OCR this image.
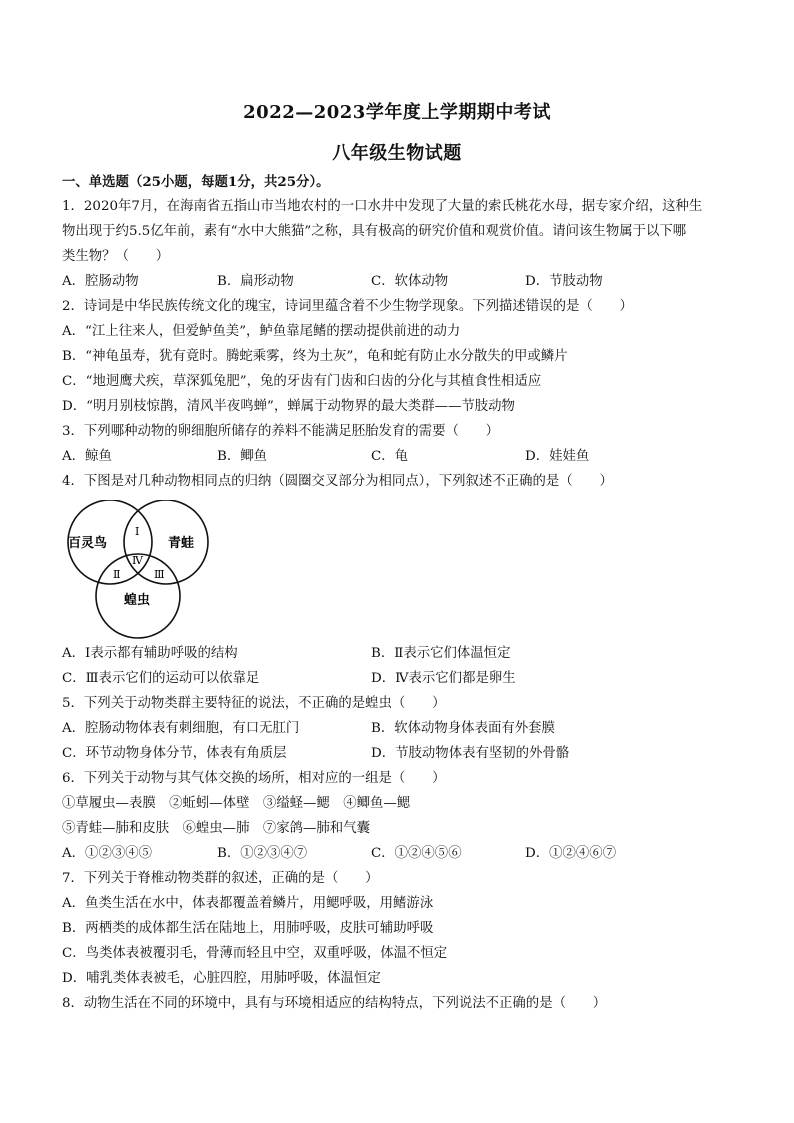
2022—2023学年度上学期期中考试
八年级生物试题
一、单选题（25小题，每题1分，共25分）。
1．2020年7月，在海南省五指山市当地农村的一口水井中发现了大量的索氏桃花水母，据专家介绍，这种生
物出现于约5.5亿年前，素有“水中大熊猫”之称，具有极高的研究价值和观赏价值。请问该生物属于以下哪
类生物？（　　）
A．腔肠动物	B．扁形动物	C．软体动物	D．节肢动物
2．诗词是中华民族传统文化的瑰宝，诗词里蕴含着不少生物学现象。下列描述错误的是（　　）
A．“江上往来人，但爱鲈鱼美”，鲈鱼靠尾鳍的摆动提供前进的动力
B．“神龟虽寿，犹有竟时。腾蛇乘雾，终为土灰”，龟和蛇有防止水分散失的甲或鳞片
C．“地迥鹰犬疾，草深狐兔肥”，兔的牙齿有门齿和臼齿的分化与其植食性相适应
D．“明月别枝惊鹊，清风半夜鸣蝉”，蝉属于动物界的最大类群——节肢动物
3．下列哪种动物的卵细胞所储存的养料不能满足胚胎发育的需要（　　）
A．鲸鱼	B．鲫鱼	C．龟	D．娃娃鱼
4．下图是对几种动物相同点的归纳（圆圈交叉部分为相同点），下列叙述不正确的是（　　）
百灵鸟	青蛙
蝗虫
Ⅰ
Ⅱ	Ⅲ
Ⅳ
A．Ⅰ表示都有辅助呼吸的结构	B．Ⅱ表示它们体温恒定
C．Ⅲ表示它们的运动可以依靠足	D．Ⅳ表示它们都是卵生
5．下列关于动物类群主要特征的说法，不正确的是蝗虫（　　）
A．腔肠动物体表有刺细胞，有口无肛门	B．软体动物身体表面有外套膜
C．环节动物身体分节，体表有角质层	D．节肢动物体表有坚韧的外骨骼
6．下列关于动物与其气体交换的场所，相对应的一组是（　　）
①草履虫—表膜　②蚯蚓—体壁　③缢蛏—鳃　④鲫鱼—鳃
⑤青蛙—肺和皮肤　⑥蝗虫—肺　⑦家鸽—肺和气囊
A．①②③④⑤	B．①②③④⑦	C．①②④⑤⑥	D．①②④⑥⑦
7．下列关于脊椎动物类群的叙述，正确的是（　　）
A．鱼类生活在水中，体表都覆盖着鳞片，用鳃呼吸，用鳍游泳
B．两栖类的成体都生活在陆地上，用肺呼吸，皮肤可辅助呼吸
C．鸟类体表被覆羽毛，骨薄而轻且中空，双重呼吸，体温不恒定
D．哺乳类体表被毛，心脏四腔，用肺呼吸，体温恒定
8．动物生活在不同的环境中，具有与环境相适应的结构特点，下列说法不正确的是（　　）
